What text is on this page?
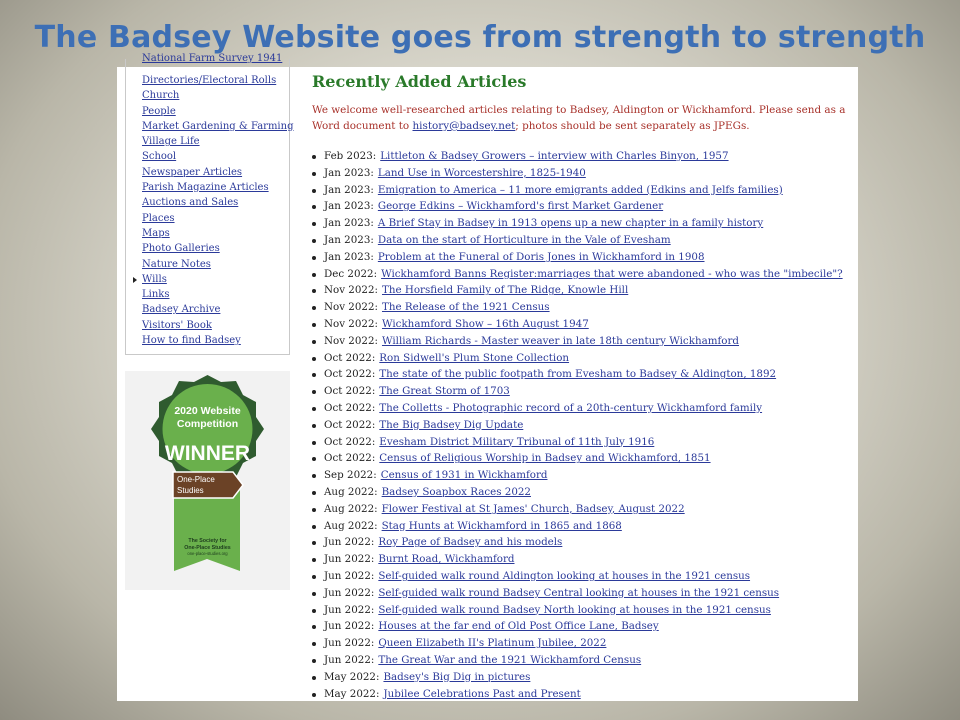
The Badsey Website goes from strength to strength
National Farm Survey 1941
Directories/Electoral Rolls
Church
People
Market Gardening & Farming
Village Life
School
Newspaper Articles
Parish Magazine Articles
Auctions and Sales
Places
Maps
Photo Galleries
Nature Notes
Wills
Links
Badsey Archive
Visitors' Book
How to find Badsey
2020 Website
Competition
WINNER
One-Place
Studies
The Society for
One-Place Studies
one-place-studies.org
Recently Added Articles
We welcome well-researched articles relating to Badsey, Aldington or Wickhamford. Please send as a Word document to history@badsey.net; photos should be sent separately as JPEGs.
Feb 2023: Littleton & Badsey Growers – interview with Charles Binyon, 1957
Jan 2023: Land Use in Worcestershire, 1825-1940
Jan 2023: Emigration to America – 11 more emigrants added (Edkins and Jelfs families)
Jan 2023: George Edkins – Wickhamford's first Market Gardener
Jan 2023: A Brief Stay in Badsey in 1913 opens up a new chapter in a family history
Jan 2023: Data on the start of Horticulture in the Vale of Evesham
Jan 2023: Problem at the Funeral of Doris Jones in Wickhamford in 1908
Dec 2022: Wickhamford Banns Register:marriages that were abandoned - who was the "imbecile"?
Nov 2022: The Horsfield Family of The Ridge, Knowle Hill
Nov 2022: The Release of the 1921 Census
Nov 2022: Wickhamford Show – 16th August 1947
Nov 2022: William Richards - Master weaver in late 18th century Wickhamford
Oct 2022: Ron Sidwell's Plum Stone Collection
Oct 2022: The state of the public footpath from Evesham to Badsey & Aldington, 1892
Oct 2022: The Great Storm of 1703
Oct 2022: The Colletts - Photographic record of a 20th-century Wickhamford family
Oct 2022: The Big Badsey Dig Update
Oct 2022: Evesham District Military Tribunal of 11th July 1916
Oct 2022: Census of Religious Worship in Badsey and Wickhamford, 1851
Sep 2022: Census of 1931 in Wickhamford
Aug 2022: Badsey Soapbox Races 2022
Aug 2022: Flower Festival at St James' Church, Badsey, August 2022
Aug 2022: Stag Hunts at Wickhamford in 1865 and 1868
Jun 2022: Roy Page of Badsey and his models
Jun 2022: Burnt Road, Wickhamford
Jun 2022: Self-guided walk round Aldington looking at houses in the 1921 census
Jun 2022: Self-guided walk round Badsey Central looking at houses in the 1921 census
Jun 2022: Self-guided walk round Badsey North looking at houses in the 1921 census
Jun 2022: Houses at the far end of Old Post Office Lane, Badsey
Jun 2022: Queen Elizabeth II's Platinum Jubilee, 2022
Jun 2022: The Great War and the 1921 Wickhamford Census
May 2022: Badsey's Big Dig in pictures
May 2022: Jubilee Celebrations Past and Present
